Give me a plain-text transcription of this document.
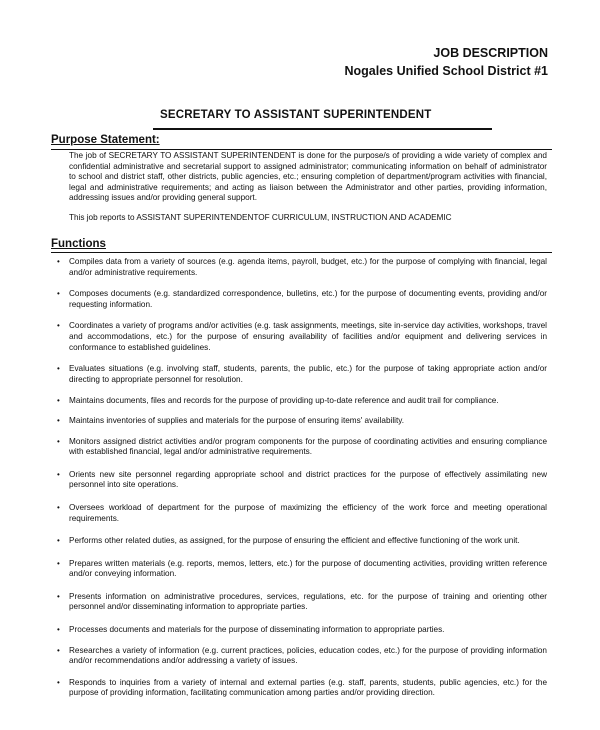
JOB DESCRIPTION
Nogales Unified School District #1
SECRETARY TO ASSISTANT SUPERINTENDENT
Purpose Statement:
The job of SECRETARY TO ASSISTANT SUPERINTENDENT is done for the purpose/s of providing a wide variety of complex and confidential administrative and secretarial support to assigned administrator; communicating information on behalf of administrator to school and district staff, other districts, public agencies, etc.; ensuring completion of department/program activities with financial, legal and administrative requirements; and acting as liaison between the Administrator and other parties, providing information, addressing issues and/or providing general support.
This job reports to ASSISTANT SUPERINTENDENTOF CURRICULUM, INSTRUCTION AND ACADEMIC
Functions
• Compiles data from a variety of sources (e.g. agenda items, payroll, budget, etc.) for the purpose of complying with financial, legal and/or administrative requirements.
• Composes documents (e.g. standardized correspondence, bulletins, etc.) for the purpose of documenting events, providing and/or requesting information.
• Coordinates a variety of programs and/or activities (e.g. task assignments, meetings, site in-service day activities, workshops, travel and accommodations, etc.) for the purpose of ensuring availability of facilities and/or equipment and delivering services in conformance to established guidelines.
• Evaluates situations (e.g. involving staff, students, parents, the public, etc.) for the purpose of taking appropriate action and/or directing to appropriate personnel for resolution.
• Maintains documents, files and records for the purpose of providing up-to-date reference and audit trail for compliance.
• Maintains inventories of supplies and materials for the purpose of ensuring items' availability.
• Monitors assigned district activities and/or program components for the purpose of coordinating activities and ensuring compliance with established financial, legal and/or administrative requirements.
• Orients new site personnel regarding appropriate school and district practices for the purpose of effectively assimilating new personnel into site operations.
• Oversees workload of department for the purpose of maximizing the efficiency of the work force and meeting operational requirements.
• Performs other related duties, as assigned, for the purpose of ensuring the efficient and effective functioning of the work unit.
• Prepares written materials (e.g. reports, memos, letters, etc.) for the purpose of documenting activities, providing written reference and/or conveying information.
• Presents information on administrative procedures, services, regulations, etc. for the purpose of training and orienting other personnel and/or disseminating information to appropriate parties.
• Processes documents and materials for the purpose of disseminating information to appropriate parties.
• Researches a variety of information (e.g. current practices, policies, education codes, etc.) for the purpose of providing information and/or recommendations and/or addressing a variety of issues.
• Responds to inquiries from a variety of internal and external parties (e.g. staff, parents, students, public agencies, etc.) for the purpose of providing information, facilitating communication among parties and/or providing direction.
